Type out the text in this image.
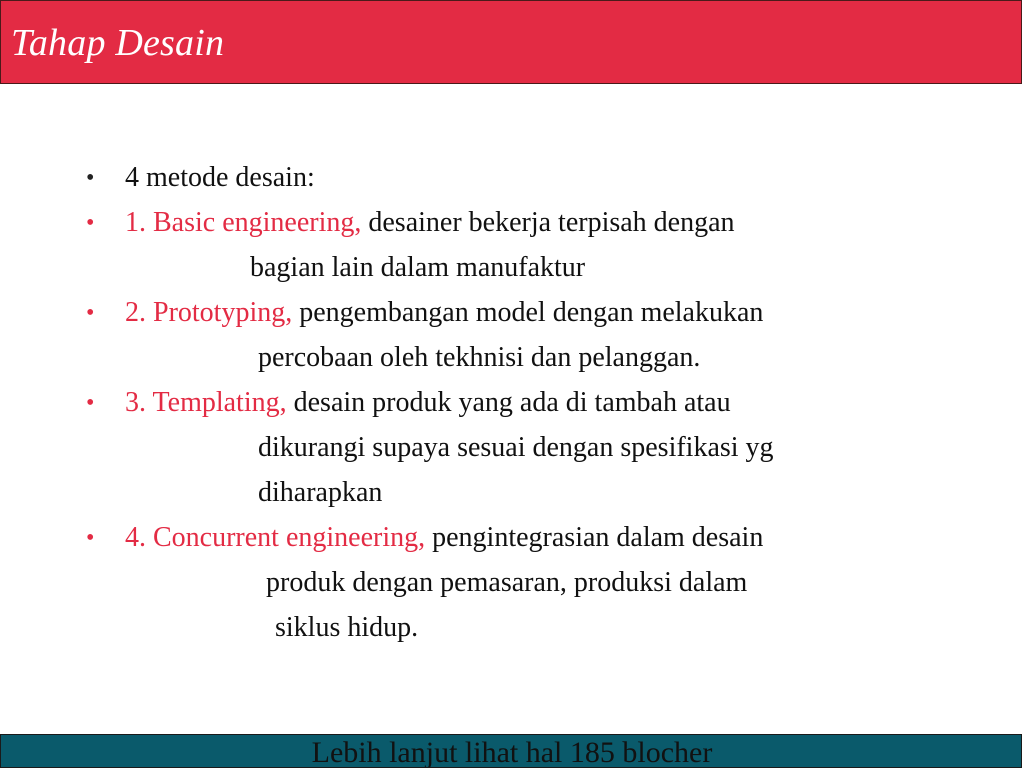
Tahap Desain
• 4 metode desain:
• 1. Basic engineering, desainer bekerja terpisah dengan
bagian lain dalam manufaktur
• 2. Prototyping, pengembangan model dengan melakukan
percobaan oleh tekhnisi dan pelanggan.
• 3. Templating, desain produk yang ada di tambah atau
dikurangi supaya sesuai dengan spesifikasi yg
diharapkan
• 4. Concurrent engineering, pengintegrasian dalam desain
produk dengan pemasaran, produksi dalam
siklus hidup.
Lebih lanjut lihat hal 185 blocher
